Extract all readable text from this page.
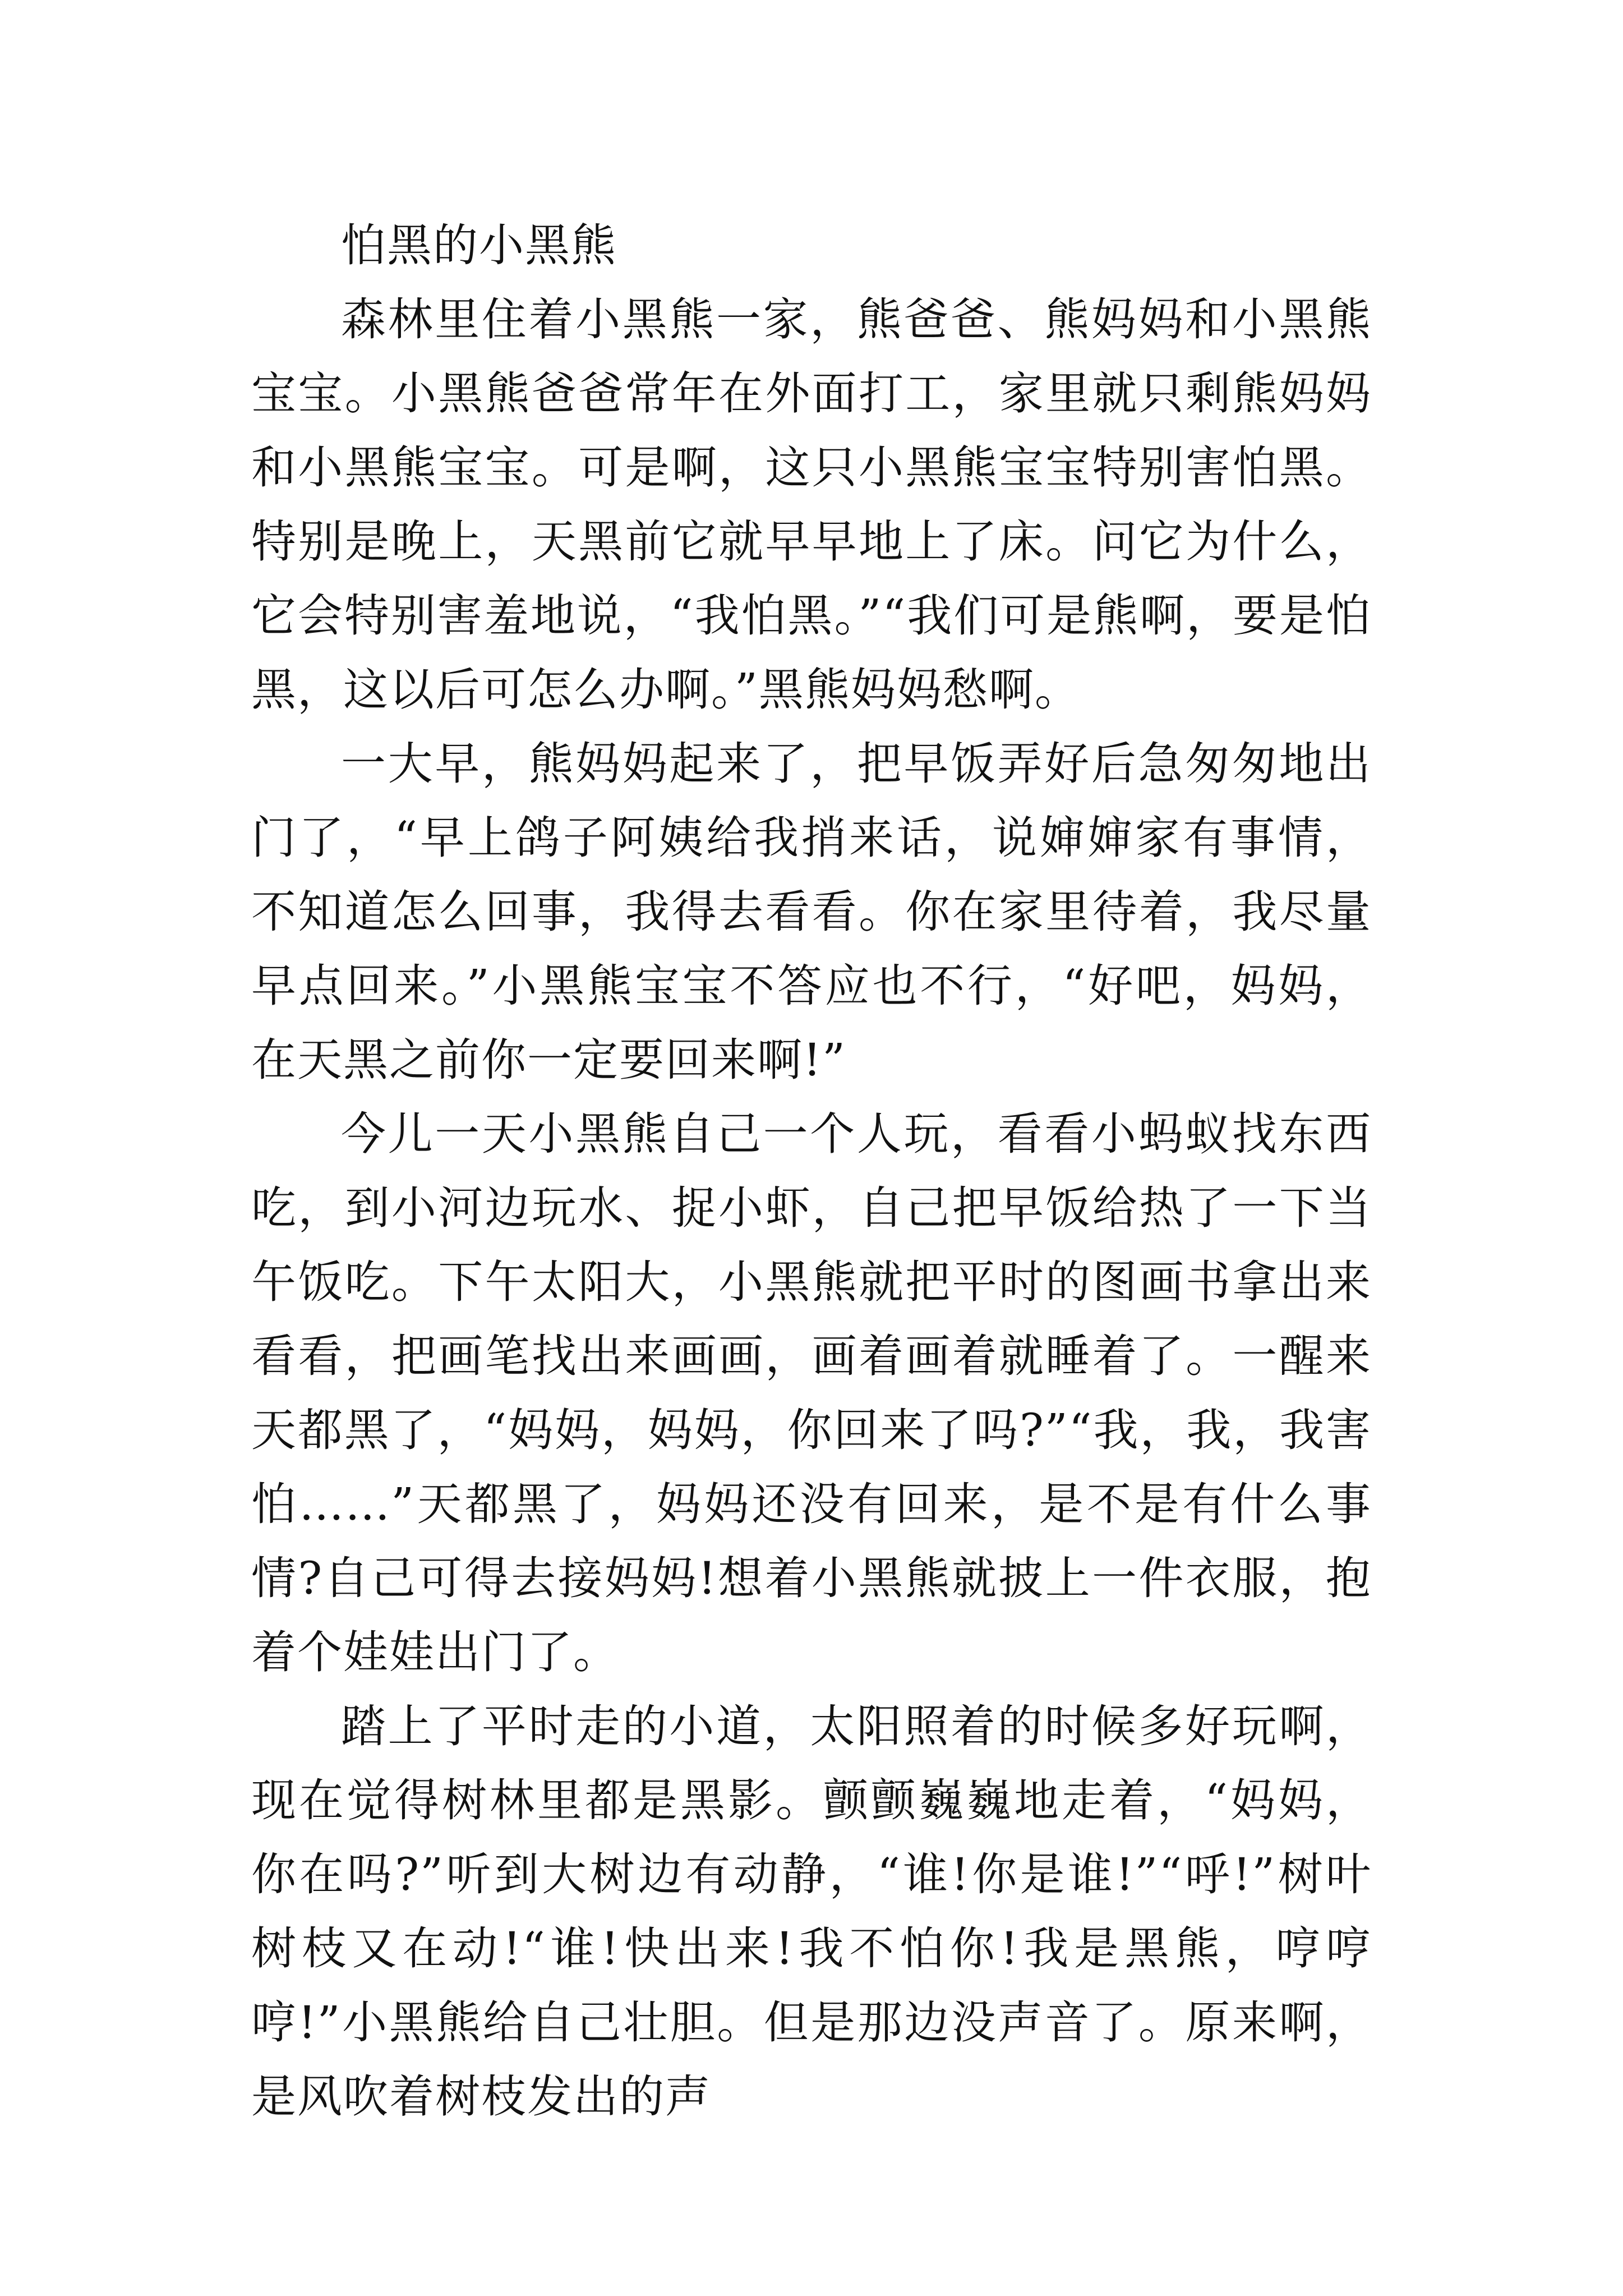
怕黑的小黑熊

森林里住着小黑熊一家，熊爸爸、熊妈妈和小黑熊宝宝。小黑熊爸爸常年在外面打工，家里就只剩熊妈妈和小黑熊宝宝。可是啊，这只小黑熊宝宝特别害怕黑。特别是晚上，天黑前它就早早地上了床。问它为什么，它会特别害羞地说，“我怕黑。”“我们可是熊啊，要是怕黑，这以后可怎么办啊。”黑熊妈妈愁啊。

一大早，熊妈妈起来了，把早饭弄好后急匆匆地出门了，“早上鸽子阿姨给我捎来话，说婶婶家有事情，不知道怎么回事，我得去看看。你在家里待着，我尽量早点回来。”小黑熊宝宝不答应也不行，“好吧，妈妈，在天黑之前你一定要回来啊!”

今儿一天小黑熊自己一个人玩，看看小蚂蚁找东西吃，到小河边玩水、捉小虾，自己把早饭给热了一下当午饭吃。下午太阳大，小黑熊就把平时的图画书拿出来看看，把画笔找出来画画，画着画着就睡着了。一醒来天都黑了，“妈妈，妈妈，你回来了吗?”“我，我，我害怕……”天都黑了，妈妈还没有回来，是不是有什么事情?自己可得去接妈妈!想着小黑熊就披上一件衣服，抱着个娃娃出门了。

踏上了平时走的小道，太阳照着的时候多好玩啊，现在觉得树林里都是黑影。颤颤巍巍地走着，“妈妈，你在吗?”听到大树边有动静，“谁!你是谁!”“呼!”树叶树枝又在动!“谁!快出来!我不怕你!我是黑熊，哼哼哼!”小黑熊给自己壮胆。但是那边没声音了。原来啊，是风吹着树枝发出的声
